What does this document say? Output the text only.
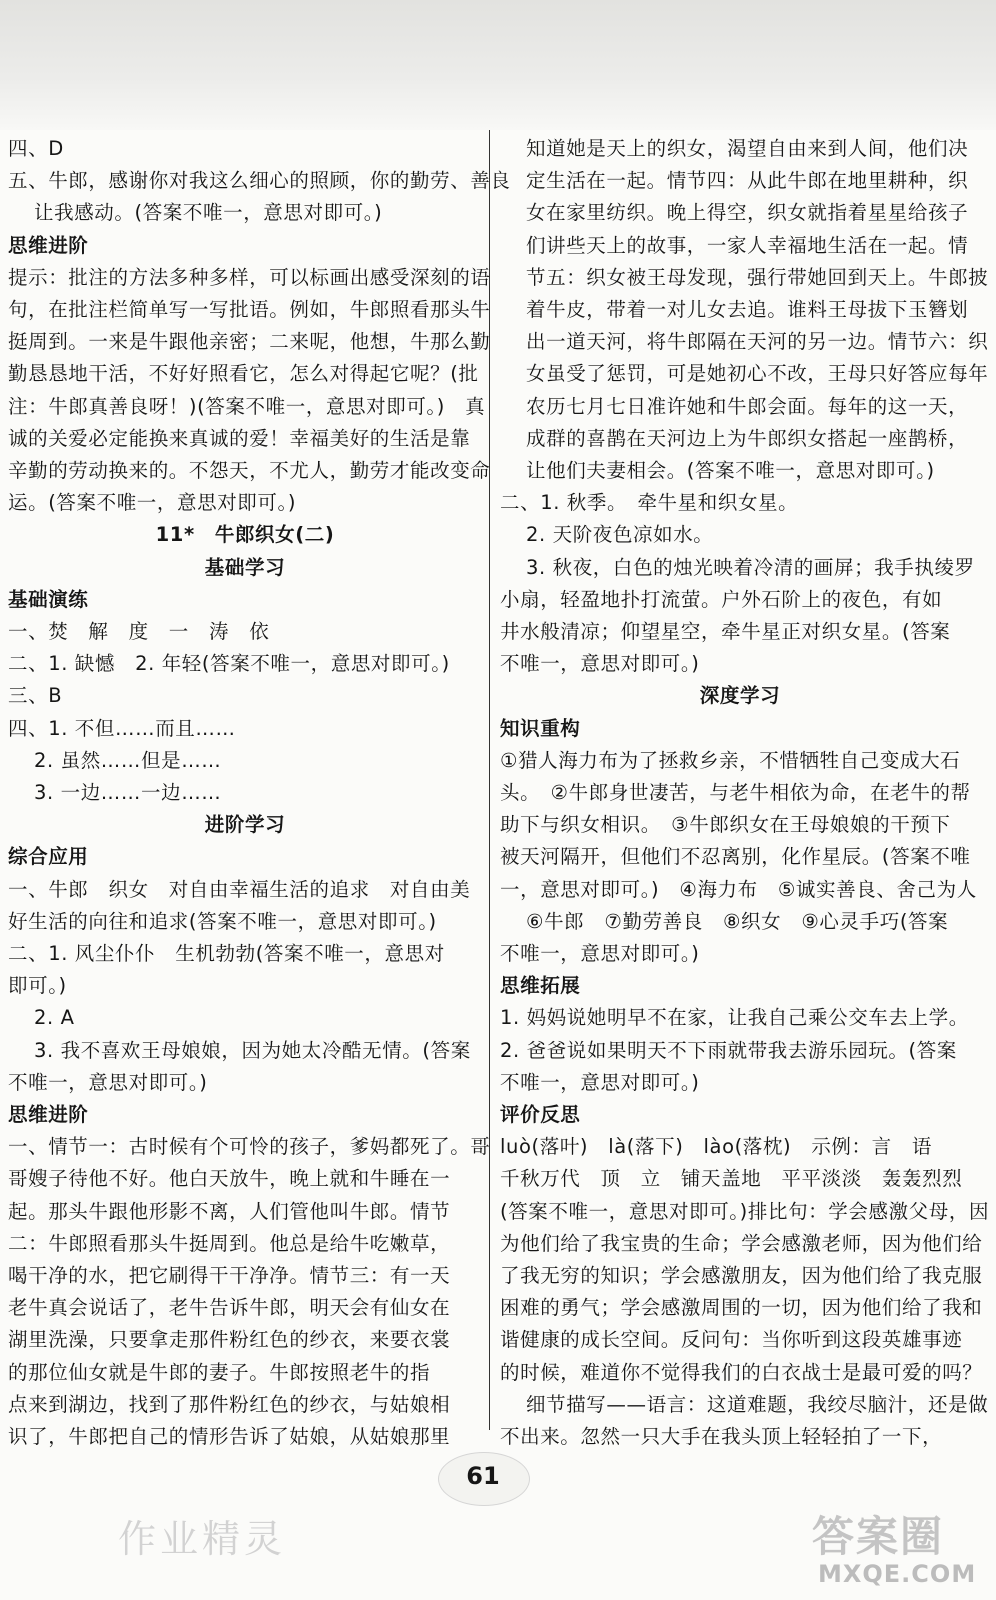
四、D
五、牛郎，感谢你对我这么细心的照顾，你的勤劳、善良
让我感动。(答案不唯一，意思对即可。)
思维进阶
提示：批注的方法多种多样，可以标画出感受深刻的语
句，在批注栏简单写一写批语。例如，牛郎照看那头牛
挺周到。一来是牛跟他亲密；二来呢，他想，牛那么勤
勤恳恳地干活，不好好照看它，怎么对得起它呢？(批
注：牛郎真善良呀！)(答案不唯一，意思对即可。)　真
诚的关爱必定能换来真诚的爱！幸福美好的生活是靠
辛勤的劳动换来的。不怨天，不尤人，勤劳才能改变命
运。(答案不唯一，意思对即可。)
11*　牛郎织女(二)
基础学习
基础演练
一、焚　解　度　一　涛　依
二、1. 缺憾　2. 年轻(答案不唯一，意思对即可。)
三、B
四、1. 不但……而且……
2. 虽然……但是……
3. 一边……一边……
进阶学习
综合应用
一、牛郎　织女　对自由幸福生活的追求　对自由美
好生活的向往和追求(答案不唯一，意思对即可。)
二、1. 风尘仆仆　生机勃勃(答案不唯一，意思对
即可。)
2. A
3. 我不喜欢王母娘娘，因为她太冷酷无情。(答案
不唯一，意思对即可。)
思维进阶
一、情节一：古时候有个可怜的孩子，爹妈都死了。哥
哥嫂子待他不好。他白天放牛，晚上就和牛睡在一
起。那头牛跟他形影不离，人们管他叫牛郎。情节
二：牛郎照看那头牛挺周到。他总是给牛吃嫩草，
喝干净的水，把它刷得干干净净。情节三：有一天
老牛真会说话了，老牛告诉牛郎，明天会有仙女在
湖里洗澡，只要拿走那件粉红色的纱衣，来要衣裳
的那位仙女就是牛郎的妻子。牛郎按照老牛的指
点来到湖边，找到了那件粉红色的纱衣，与姑娘相
识了，牛郎把自己的情形告诉了姑娘，从姑娘那里
知道她是天上的织女，渴望自由来到人间，他们决
定生活在一起。情节四：从此牛郎在地里耕种，织
女在家里纺织。晚上得空，织女就指着星星给孩子
们讲些天上的故事，一家人幸福地生活在一起。情
节五：织女被王母发现，强行带她回到天上。牛郎披
着牛皮，带着一对儿女去追。谁料王母拔下玉簪划
出一道天河，将牛郎隔在天河的另一边。情节六：织
女虽受了惩罚，可是她初心不改，王母只好答应每年
农历七月七日准许她和牛郎会面。每年的这一天，
成群的喜鹊在天河边上为牛郎织女搭起一座鹊桥，
让他们夫妻相会。(答案不唯一，意思对即可。)
二、1. 秋季。　牵牛星和织女星。
2. 天阶夜色凉如水。
3. 秋夜，白色的烛光映着冷清的画屏；我手执绫罗
小扇，轻盈地扑打流萤。户外石阶上的夜色，有如
井水般清凉；仰望星空，牵牛星正对织女星。(答案
不唯一，意思对即可。)
深度学习
知识重构
①猎人海力布为了拯救乡亲，不惜牺牲自己变成大石
头。　②牛郎身世凄苦，与老牛相依为命，在老牛的帮
助下与织女相识。　③牛郎织女在王母娘娘的干预下
被天河隔开，但他们不忍离别，化作星辰。(答案不唯
一，意思对即可。)　④海力布　⑤诚实善良、舍己为人
⑥牛郎　⑦勤劳善良　⑧织女　⑨心灵手巧(答案
不唯一，意思对即可。)
思维拓展
1. 妈妈说她明早不在家，让我自己乘公交车去上学。
2. 爸爸说如果明天不下雨就带我去游乐园玩。(答案
不唯一，意思对即可。)
评价反思
luò(落叶)　là(落下)　lào(落枕)　示例：言　语
千秋万代　顶　立　铺天盖地　平平淡淡　轰轰烈烈
(答案不唯一，意思对即可。)排比句：学会感激父母，因
为他们给了我宝贵的生命；学会感激老师，因为他们给
了我无穷的知识；学会感激朋友，因为他们给了我克服
困难的勇气；学会感激周围的一切，因为他们给了我和
谐健康的成长空间。反问句：当你听到这段英雄事迹
的时候，难道你不觉得我们的白衣战士是最可爱的吗？
细节描写——语言：这道难题，我绞尽脑汁，还是做
不出来。忽然一只大手在我头顶上轻轻拍了一下，
61
作业精灵	答案圈
MXQE.COM
